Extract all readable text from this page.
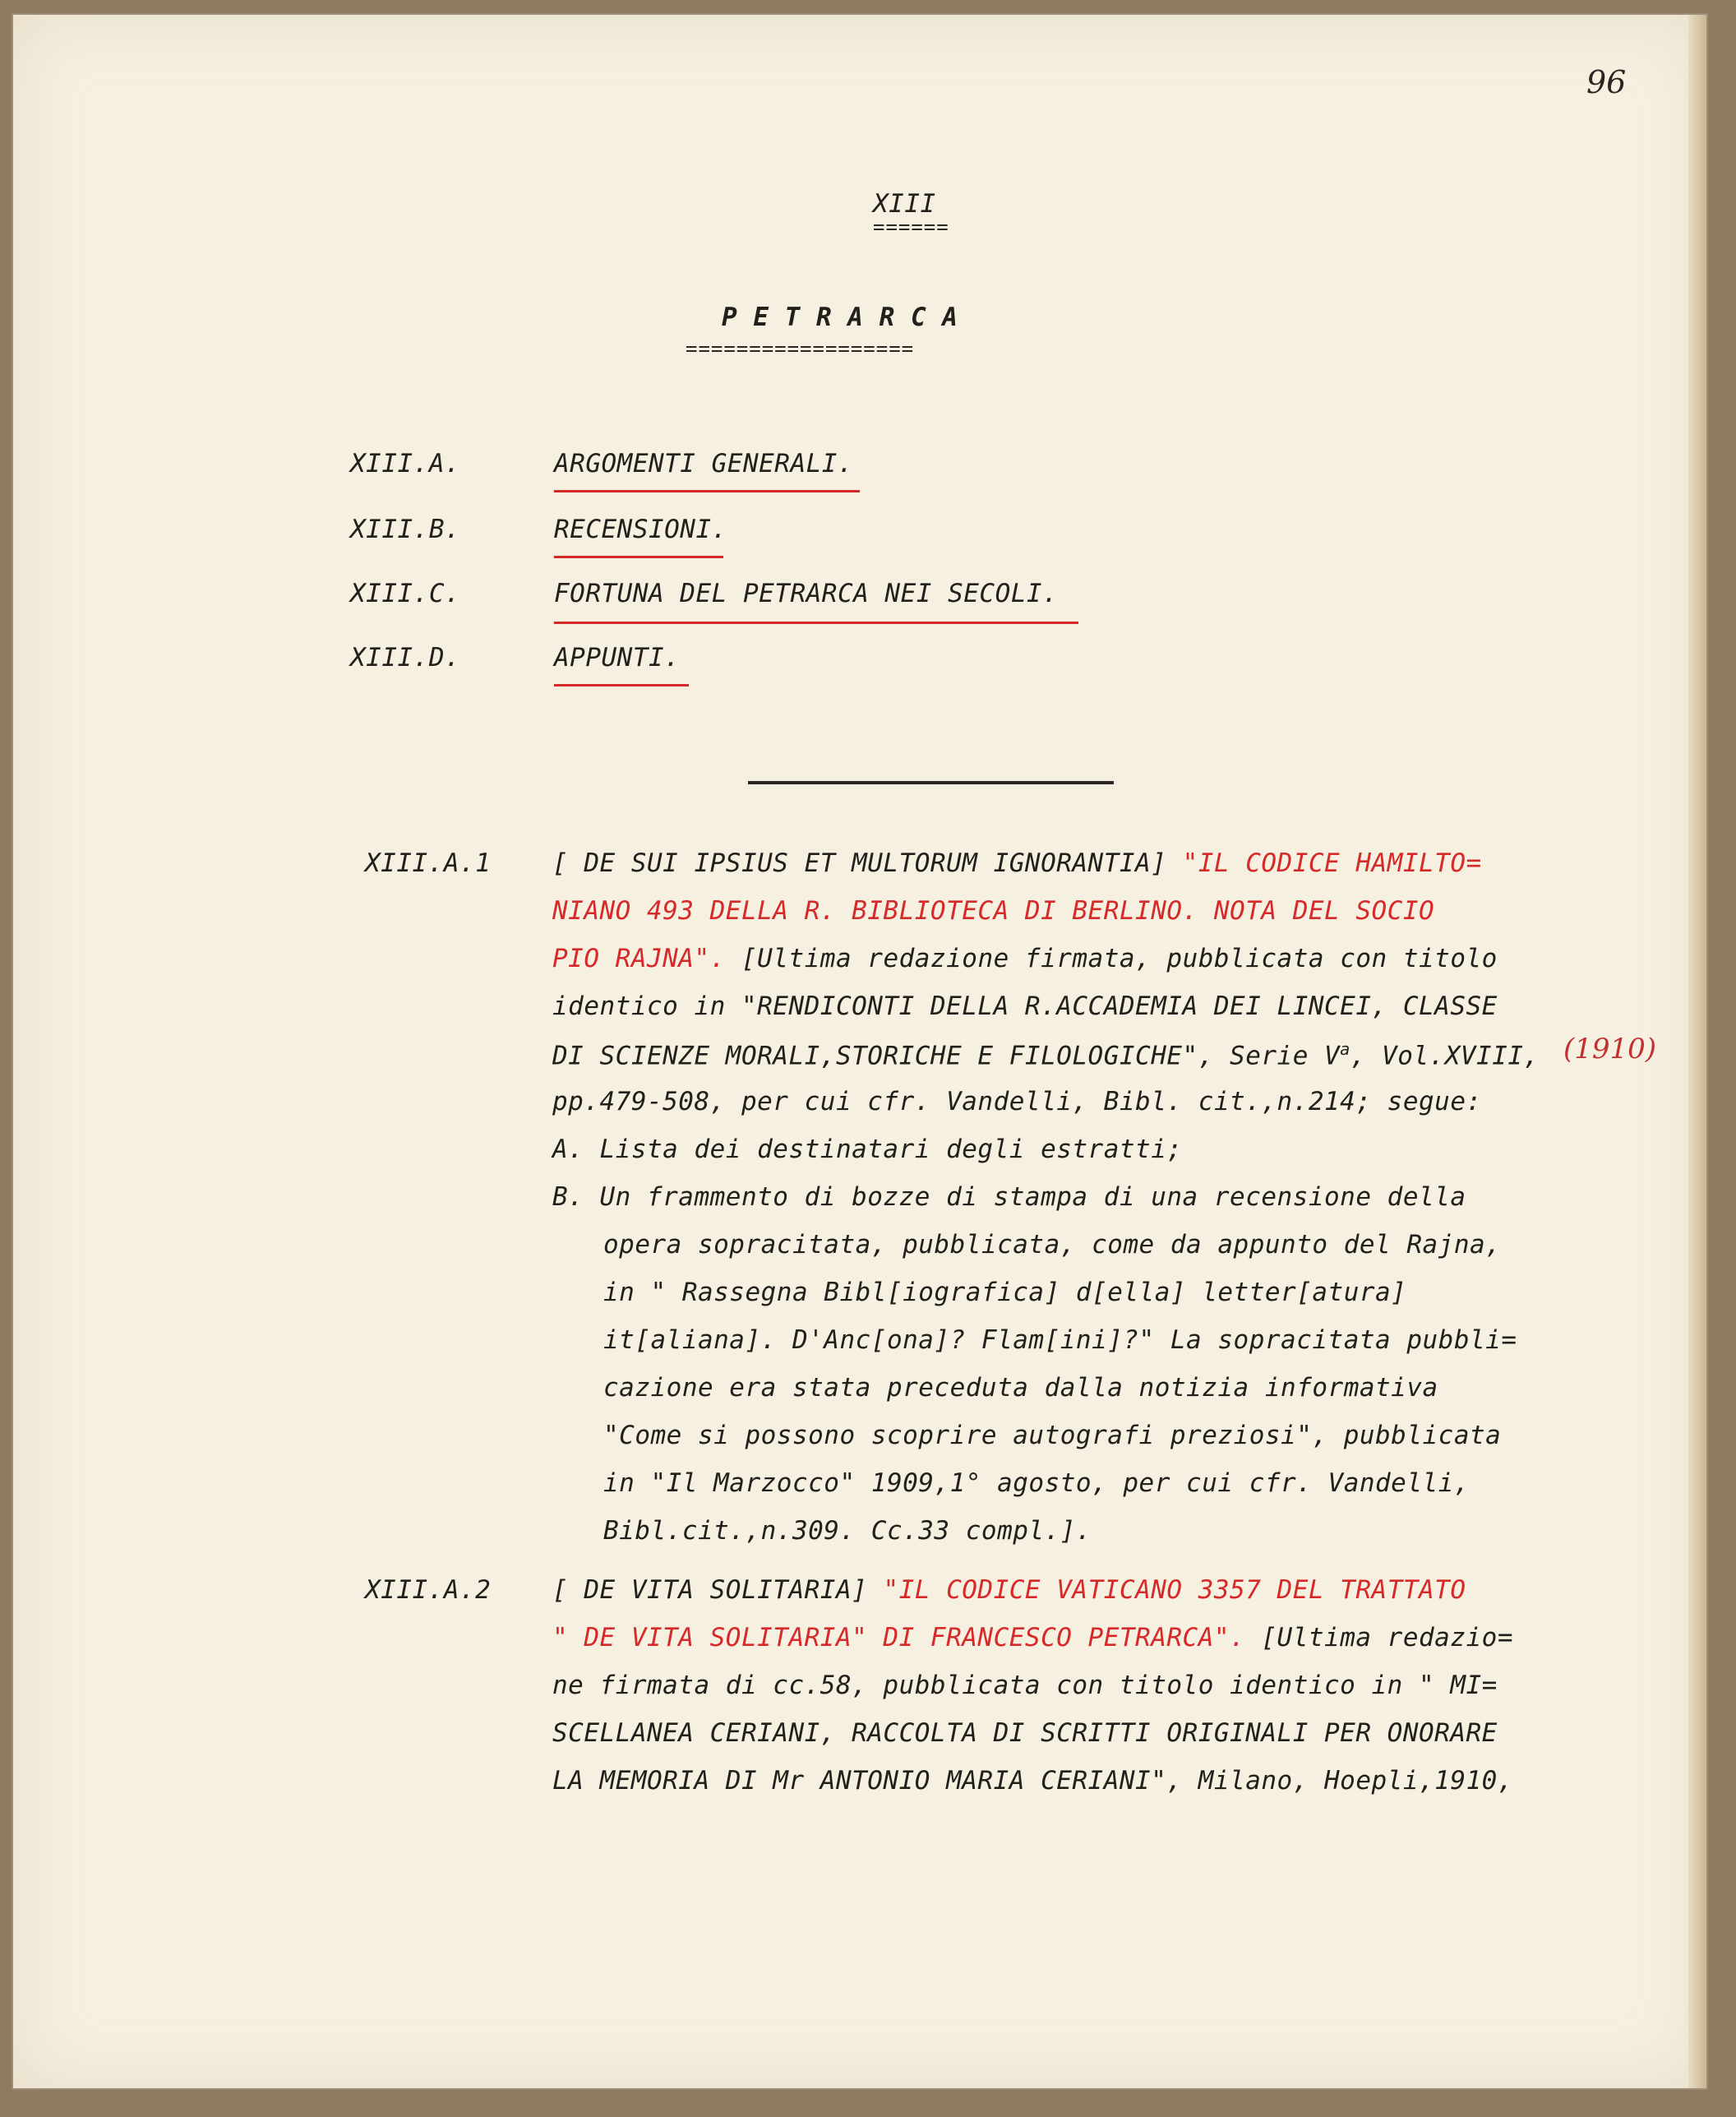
96
XIII
======
P E T R A R C A
==================
XIII.A.	ARGOMENTI GENERALI.
XIII.B.	RECENSIONI.
XIII.C.	FORTUNA DEL PETRARCA NEI SECOLI.
XIII.D.	APPUNTI.
XIII.A.1 [ DE SUI IPSIUS ET MULTORUM IGNORANTIA] "IL CODICE HAMILTO=
NIANO 493 DELLA R. BIBLIOTECA DI BERLINO. NOTA DEL SOCIO
PIO RAJNA". [Ultima redazione firmata, pubblicata con titolo
identico in "RENDICONTI DELLA R.ACCADEMIA DEI LINCEI, CLASSE
DI SCIENZE MORALI,STORICHE E FILOLOGICHE", Serie $V^a$, Vol.XVIII, (1910)
pp.479-508, per cui cfr. Vandelli, Bibl. cit.,n.214; segue:
A. Lista dei destinatari degli estratti;
B. Un frammento di bozze di stampa di una recensione della
opera sopracitata, pubblicata, come da appunto del Rajna,
in " Rassegna Bibl[iografica] d[ella] letter[atura]
it[aliana]. D'Anc[ona]? Flam[ini]?" La sopracitata pubbli=
cazione era stata preceduta dalla notizia informativa
"Come si possono scoprire autografi preziosi", pubblicata
in "Il Marzocco" 1909,1° agosto, per cui cfr. Vandelli,
Bibl.cit.,n.309. Cc.33 compl.].
XIII.A.2 [ DE VITA SOLITARIA] "IL CODICE VATICANO 3357 DEL TRATTATO
" DE VITA SOLITARIA" DI FRANCESCO PETRARCA". [Ultima redazio=
ne firmata di cc.58, pubblicata con titolo identico in " MI=
SCELLANEA CERIANI, RACCOLTA DI SCRITTI ORIGINALI PER ONORARE
LA MEMORIA DI Mr ANTONIO MARIA CERIANI", Milano, Hoepli,1910,
